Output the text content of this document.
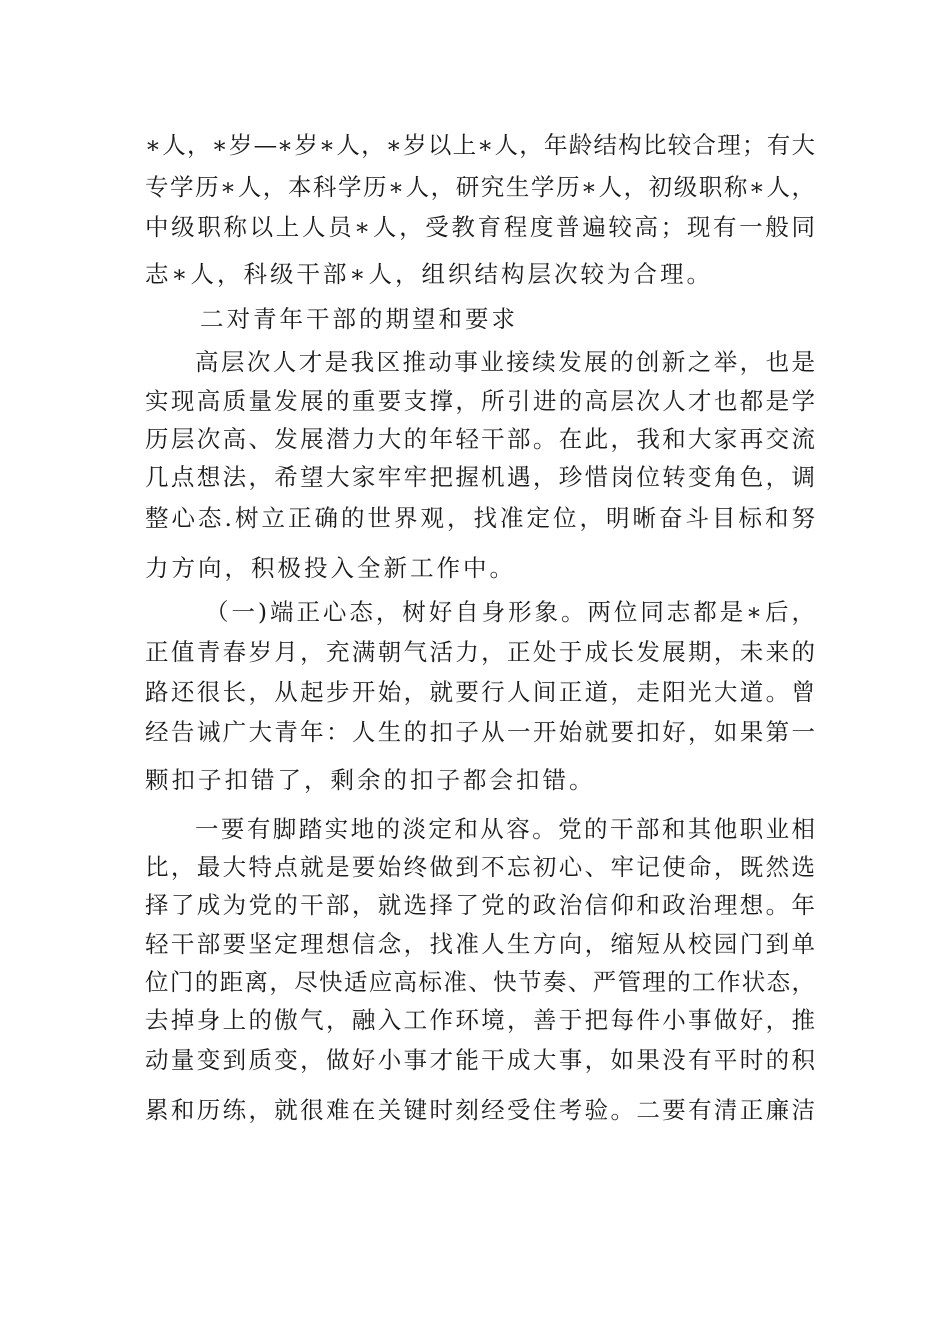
∗人，∗岁—∗岁∗人，∗岁以上∗人，年龄结构比较合理；有大
专学历∗人，本科学历∗人，研究生学历∗人，初级职称∗人，
中级职称以上人员∗人，受教育程度普遍较高；现有一般同
志∗人，科级干部∗人，组织结构层次较为合理。
二对青年干部的期望和要求
高层次人才是我区推动事业接续发展的创新之举，也是
实现高质量发展的重要支撑，所引进的高层次人才也都是学
历层次高、发展潜力大的年轻干部。在此，我和大家再交流
几点想法，希望大家牢牢把握机遇，珍惜岗位转变角色，调
整心态.树立正确的世界观，找准定位，明晰奋斗目标和努
力方向，积极投入全新工作中。
（一)端正心态，树好自身形象。两位同志都是∗后，
正值青春岁月，充满朝气活力，正处于成长发展期，未来的
路还很长，从起步开始，就要行人间正道，走阳光大道。曾
经告诫广大青年：人生的扣子从一开始就要扣好，如果第一
颗扣子扣错了，剩余的扣子都会扣错。
一要有脚踏实地的淡定和从容。党的干部和其他职业相
比，最大特点就是要始终做到不忘初心、牢记使命，既然选
择了成为党的干部，就选择了党的政治信仰和政治理想。年
轻干部要坚定理想信念，找准人生方向，缩短从校园门到单
位门的距离，尽快适应高标准、快节奏、严管理的工作状态，
去掉身上的傲气，融入工作环境，善于把每件小事做好，推
动量变到质变，做好小事才能干成大事，如果没有平时的积
累和历练，就很难在关键时刻经受住考验。二要有清正廉洁
